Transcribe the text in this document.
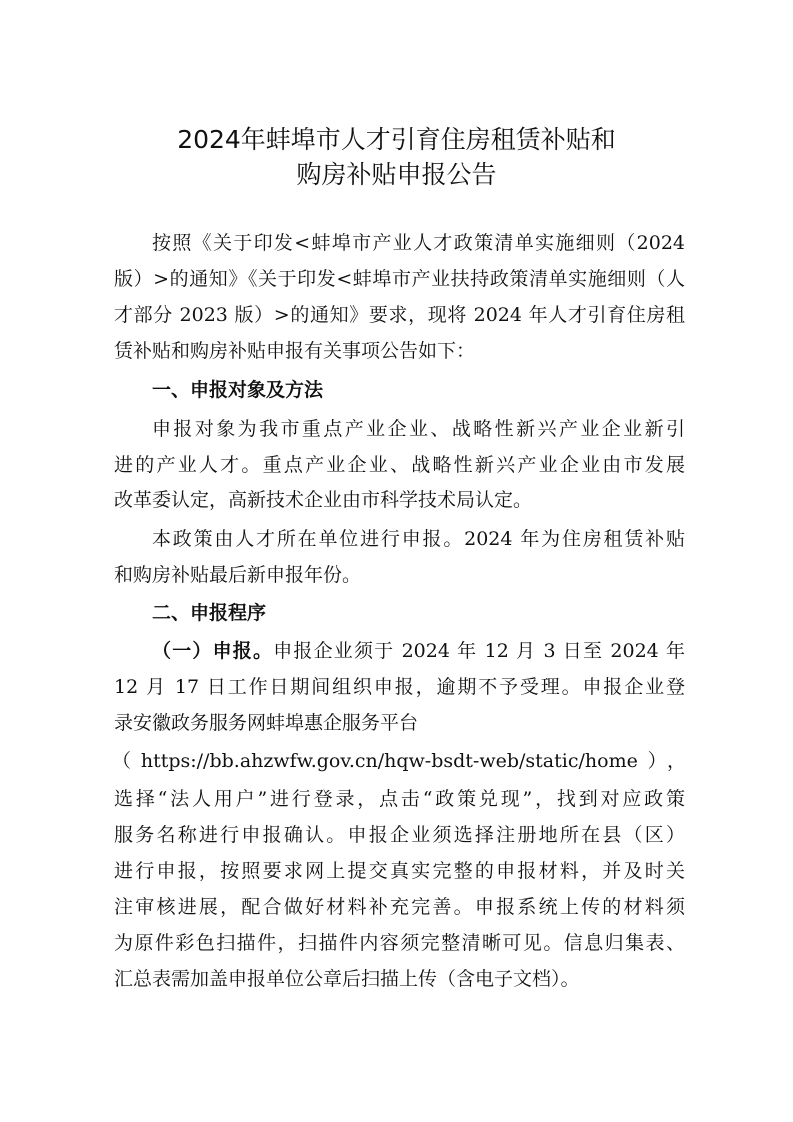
2024年蚌埠市人才引育住房租赁补贴和
购房补贴申报公告
按照《关于印发<蚌埠市产业人才政策清单实施细则（2024
版）>的通知》《关于印发<蚌埠市产业扶持政策清单实施细则（人
才部分 2023 版）>的通知》要求，现将 2024 年人才引育住房租
赁补贴和购房补贴申报有关事项公告如下：
一、申报对象及方法
申报对象为我市重点产业企业、战略性新兴产业企业新引
进的产业人才。重点产业企业、战略性新兴产业企业由市发展
改革委认定，高新技术企业由市科学技术局认定。
本政策由人才所在单位进行申报。2024 年为住房租赁补贴
和购房补贴最后新申报年份。
二、申报程序
（一）申报。申报企业须于 2024 年 12 月 3 日至 2024 年
12 月 17 日工作日期间组织申报，逾期不予受理。申报企业登
录安徽政务服务网蚌埠惠企服务平台
（https://bb.ahzwfw.gov.cn/hqw-bsdt-web/static/home），
选择“法人用户”进行登录，点击“政策兑现”，找到对应政策
服务名称进行申报确认。申报企业须选择注册地所在县（区）
进行申报，按照要求网上提交真实完整的申报材料，并及时关
注审核进展，配合做好材料补充完善。申报系统上传的材料须
为原件彩色扫描件，扫描件内容须完整清晰可见。信息归集表、
汇总表需加盖申报单位公章后扫描上传（含电子文档）。
